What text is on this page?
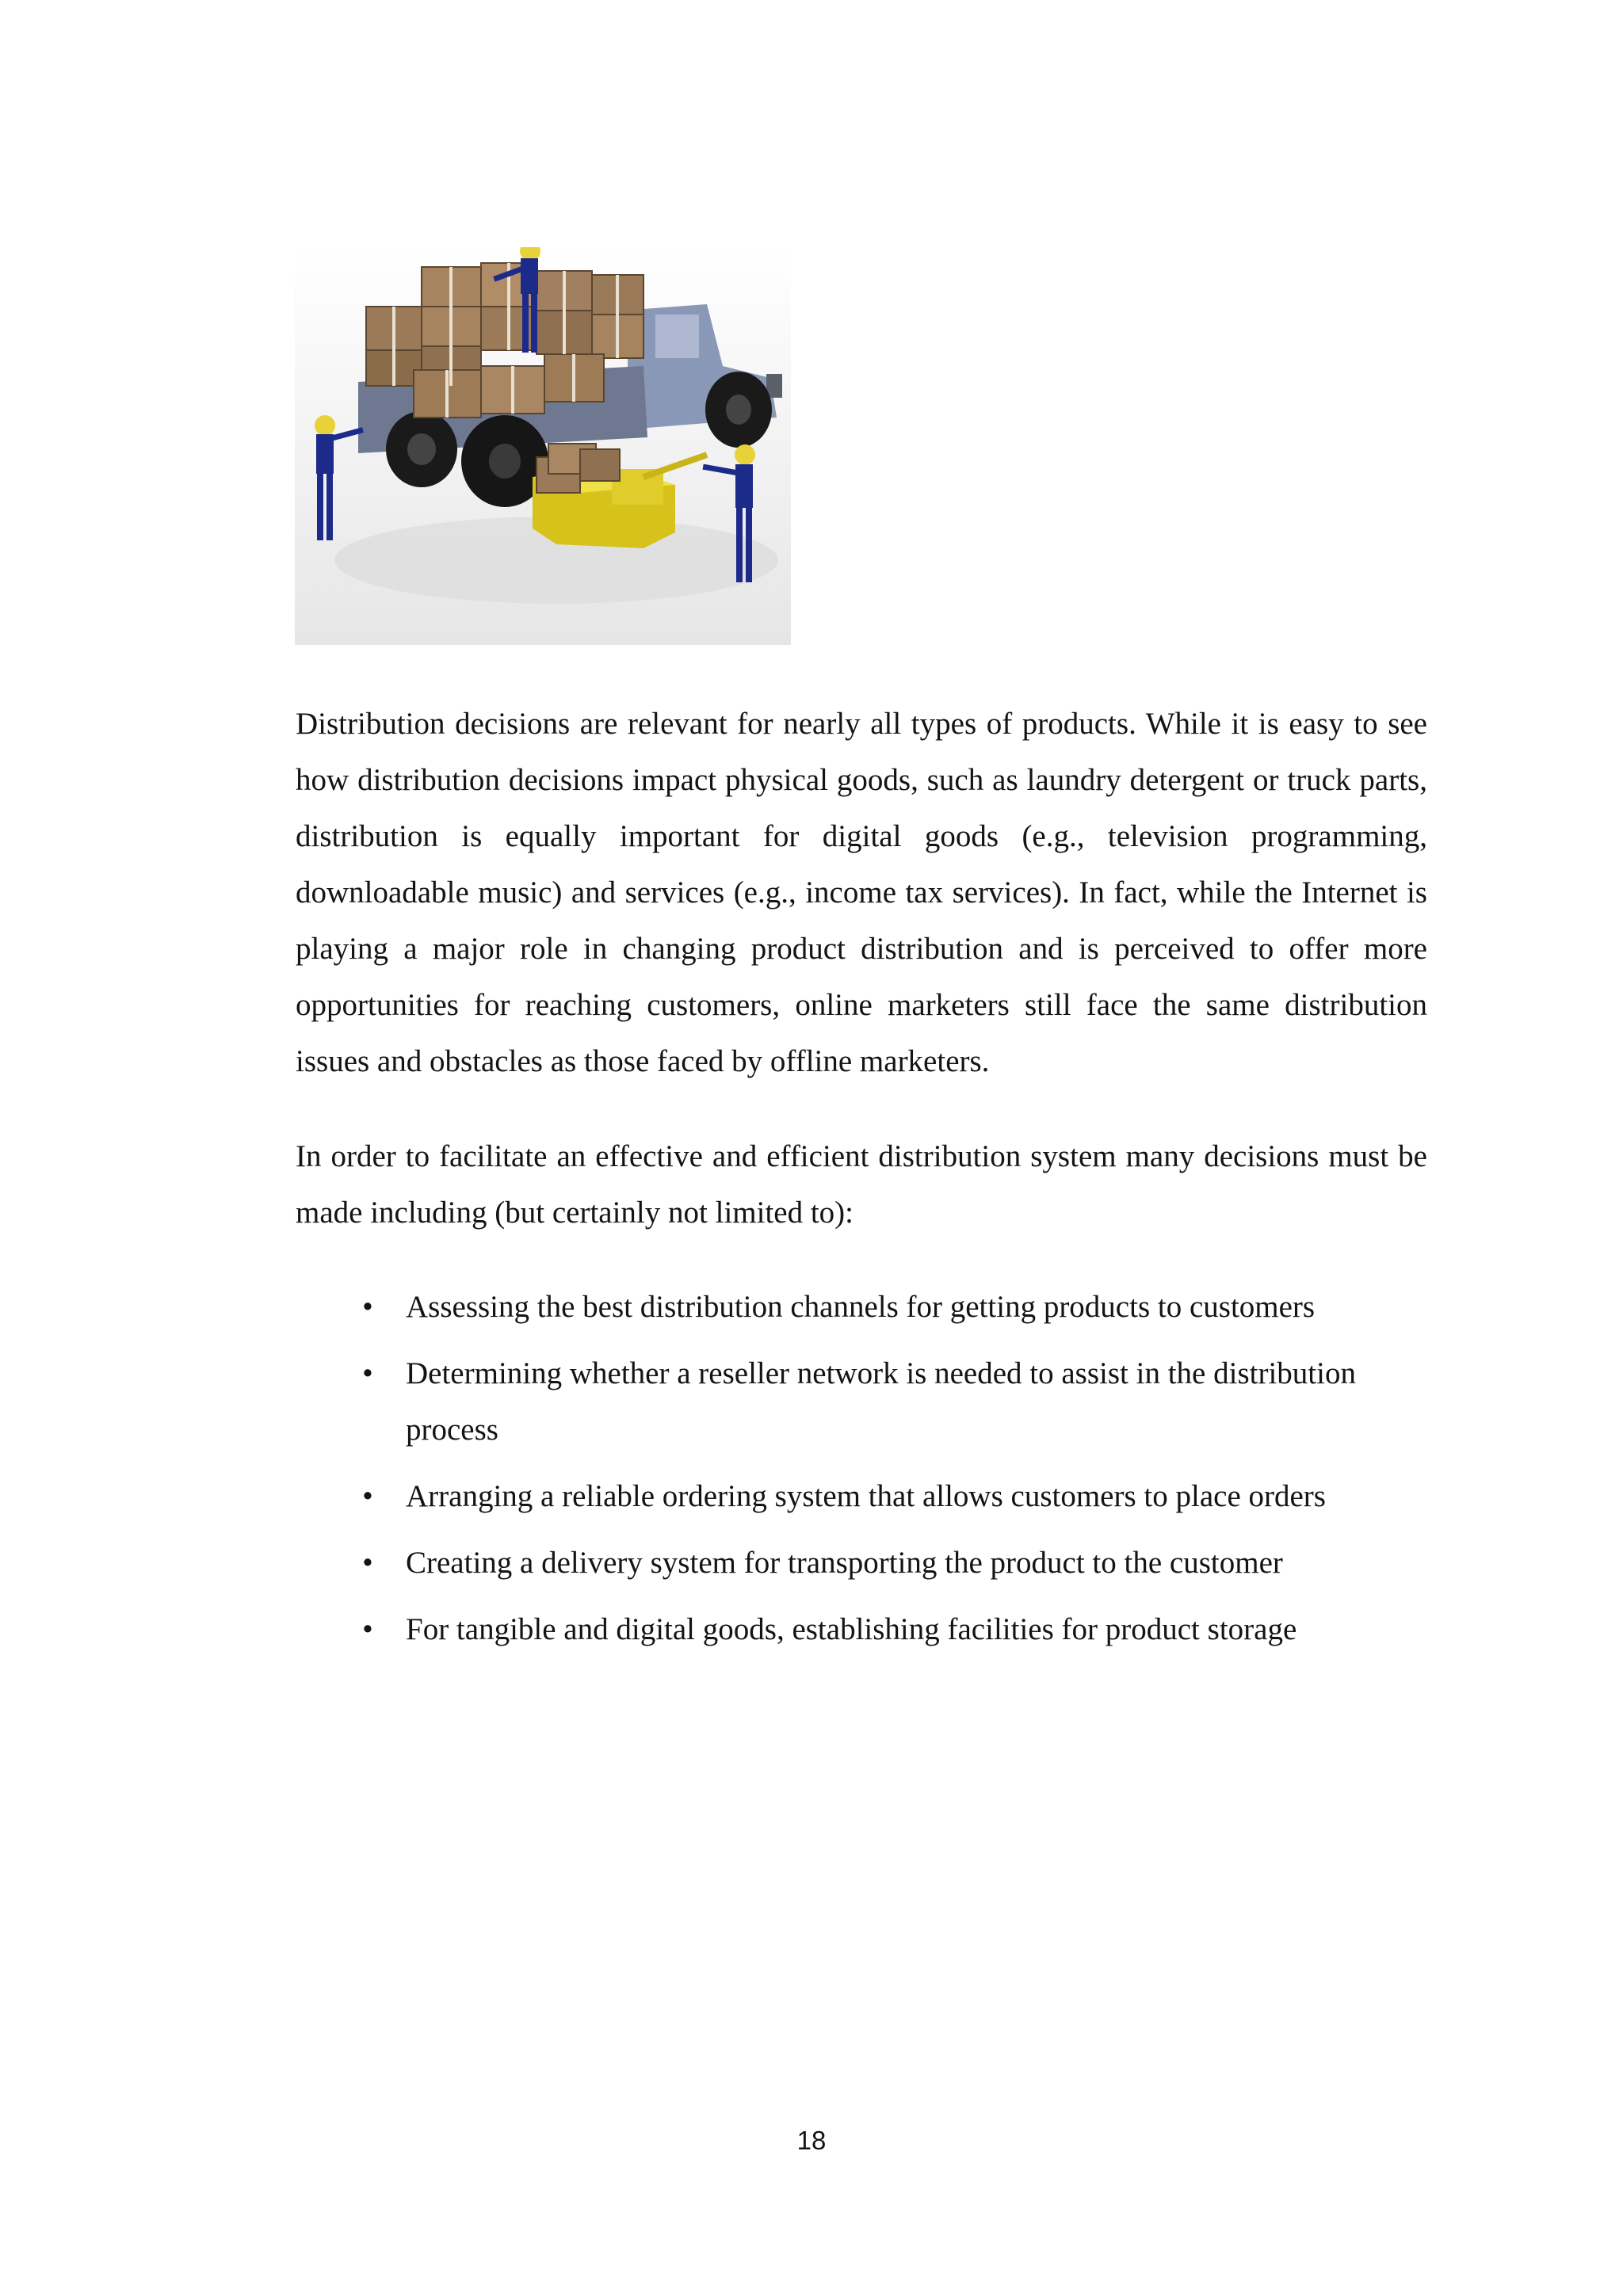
Distribution decisions are relevant for nearly all types of products. While it is easy to see how distribution decisions impact physical goods, such as laundry detergent or truck parts, distribution is equally important for digital goods (e.g., television programming, downloadable music) and services (e.g., income tax services). In fact, while the Internet is playing a major role in changing product distribution and is perceived to offer more opportunities for reaching customers, online marketers still face the same distribution issues and obstacles as those faced by offline marketers.

In order to facilitate an effective and efficient distribution system many decisions must be made including (but certainly not limited to):

• Assessing the best distribution channels for getting products to customers
• Determining whether a reseller network is needed to assist in the distribution process
• Arranging a reliable ordering system that allows customers to place orders
• Creating a delivery system for transporting the product to the customer
• For tangible and digital goods, establishing facilities for product storage
18
